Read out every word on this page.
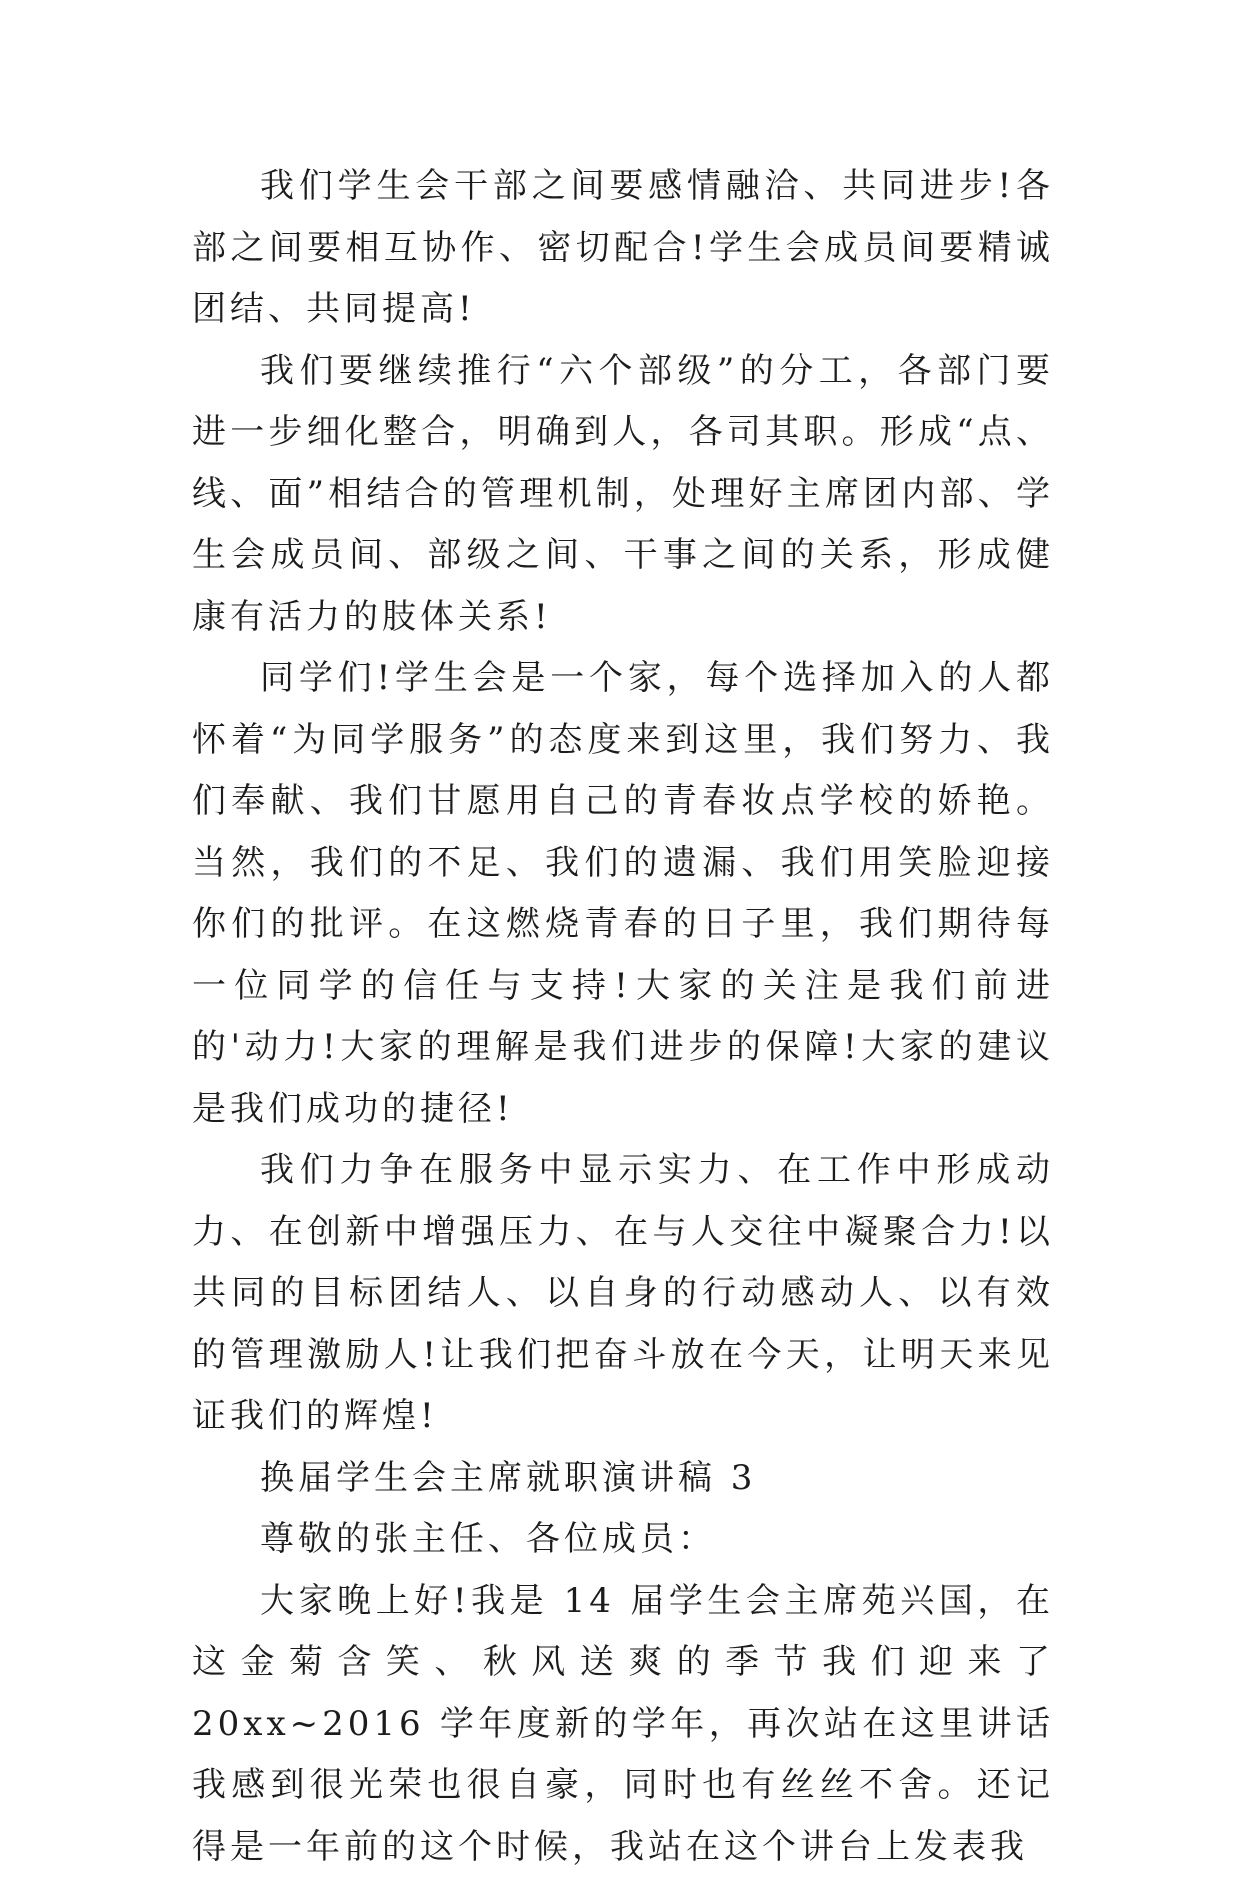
我们学生会干部之间要感情融洽、共同进步!各部之间要相互协作、密切配合!学生会成员间要精诚团结、共同提高!

我们要继续推行“六个部级”的分工，各部门要进一步细化整合，明确到人，各司其职。形成“点、线、面”相结合的管理机制，处理好主席团内部、学生会成员间、部级之间、干事之间的关系，形成健康有活力的肢体关系!

同学们!学生会是一个家，每个选择加入的人都怀着“为同学服务”的态度来到这里，我们努力、我们奉献、我们甘愿用自己的青春妆点学校的娇艳。当然，我们的不足、我们的遗漏、我们用笑脸迎接你们的批评。在这燃烧青春的日子里，我们期待每一位同学的信任与支持!大家的关注是我们前进的'动力!大家的理解是我们进步的保障!大家的建议是我们成功的捷径!

我们力争在服务中显示实力、在工作中形成动力、在创新中增强压力、在与人交往中凝聚合力!以共同的目标团结人、以自身的行动感动人、以有效的管理激励人!让我们把奋斗放在今天，让明天来见证我们的辉煌!

换届学生会主席就职演讲稿 3

尊敬的张主任、各位成员：

大家晚上好!我是 14 届学生会主席苑兴国，在这金菊含笑、秋风送爽的季节我们迎来了 20xx~2016 学年度新的学年，再次站在这里讲话我感到很光荣也很自豪，同时也有丝丝不舍。还记得是一年前的这个时候，我站在这个讲台上发表我
